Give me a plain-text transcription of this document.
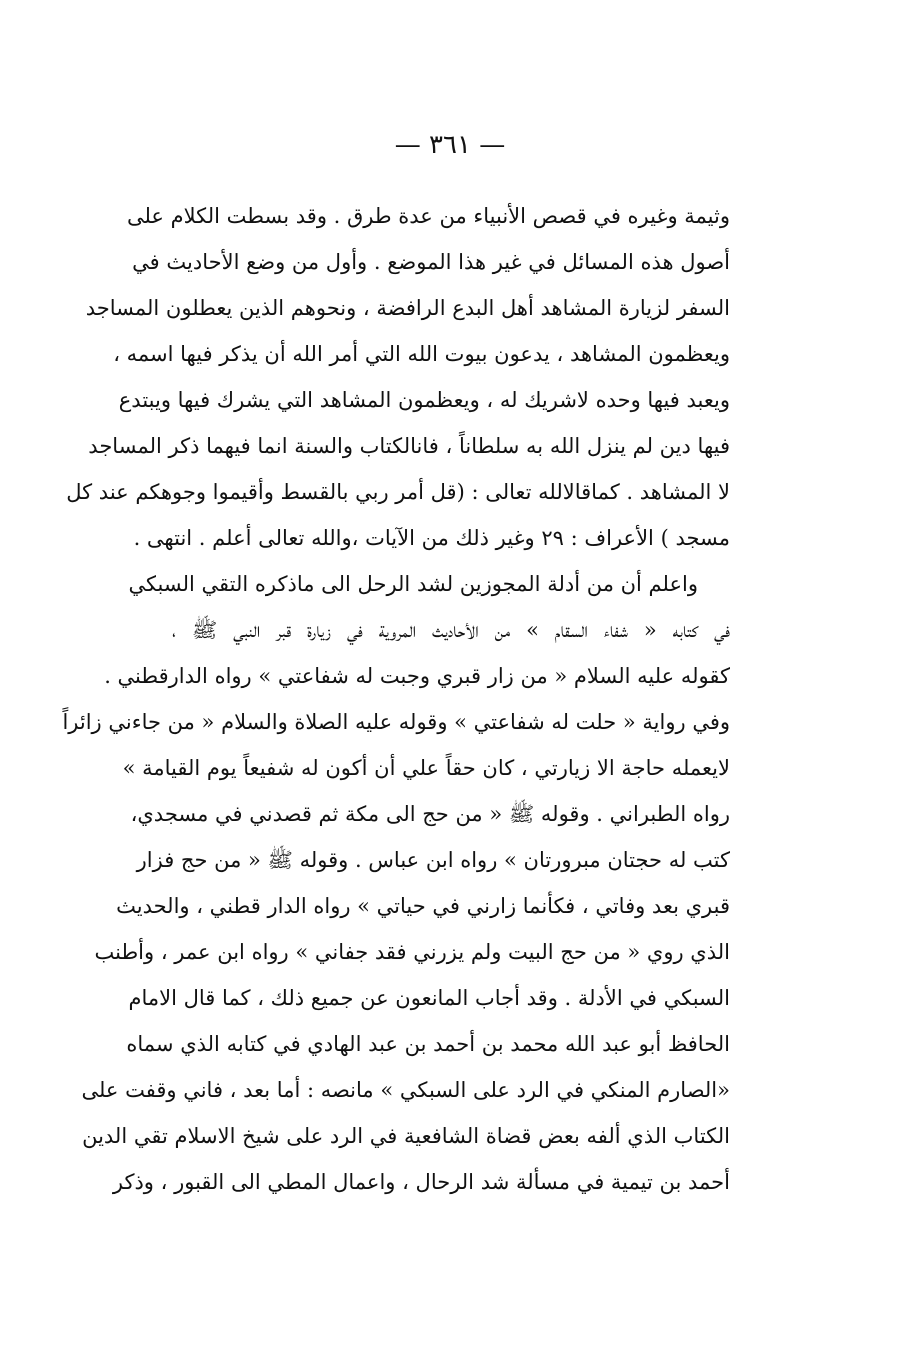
— ٣٦١ —
وثيمة وغيره في قصص الأنبياء من عدة طرق . وقد بسطت الكلام على
أصول هذه المسائل في غير هذا الموضع . وأول من وضع الأحاديث في
السفر لزيارة المشاهد أهل البدع الرافضة ، ونحوهم الذين يعطلون المساجد
ويعظمون المشاهد ، يدعون بيوت الله التي أمر الله أن يذكر فيها اسمه ،
ويعبد فيها وحده لاشريك له ، ويعظمون المشاهد التي يشرك فيها ويبتدع
فيها دين لم ينزل الله به سلطاناً ، فانالكتاب والسنة انما فيهما ذكر المساجد
لا المشاهد . كماقالالله تعالى : (قل أمر ربي بالقسط وأقيموا وجوهكم عند كل
مسجد ) الأعراف : ٢٩ وغير ذلك من الآيات ،والله تعالى أعلم . انتهى .
واعلم أن من أدلة المجوزين لشد الرحل الى ماذكره التقي السبكي
في كتابه « شفاء السقام » من الأحاديث المروية في زيارة قبر النبي ﷺ ،
كقوله عليه السلام « من زار قبري وجبت له شفاعتي » رواه الدارقطني .
وفي رواية « حلت له شفاعتي » وقوله عليه الصلاة والسلام « من جاءني زائراً
لايعمله حاجة الا زيارتي ، كان حقاً علي أن أكون له شفيعاً يوم القيامة »
رواه الطبراني . وقوله ﷺ « من حج الى مكة ثم قصدني في مسجدي،
كتب له حجتان مبرورتان » رواه ابن عباس . وقوله ﷺ « من حج فزار
قبري بعد وفاتي ، فكأنما زارني في حياتي » رواه الدار قطني ، والحديث
الذي روي « من حج البيت ولم يزرني فقد جفاني » رواه ابن عمر ، وأطنب
السبكي في الأدلة . وقد أجاب المانعون عن جميع ذلك ، كما قال الامام
الحافظ أبو عبد الله محمد بن أحمد بن عبد الهادي في كتابه الذي سماه
«الصارم المنكي في الرد على السبكي » مانصه : أما بعد ، فاني وقفت على
الكتاب الذي ألفه بعض قضاة الشافعية في الرد على شيخ الاسلام تقي الدين
أحمد بن تيمية في مسألة شد الرحال ، واعمال المطي الى القبور ، وذكر
